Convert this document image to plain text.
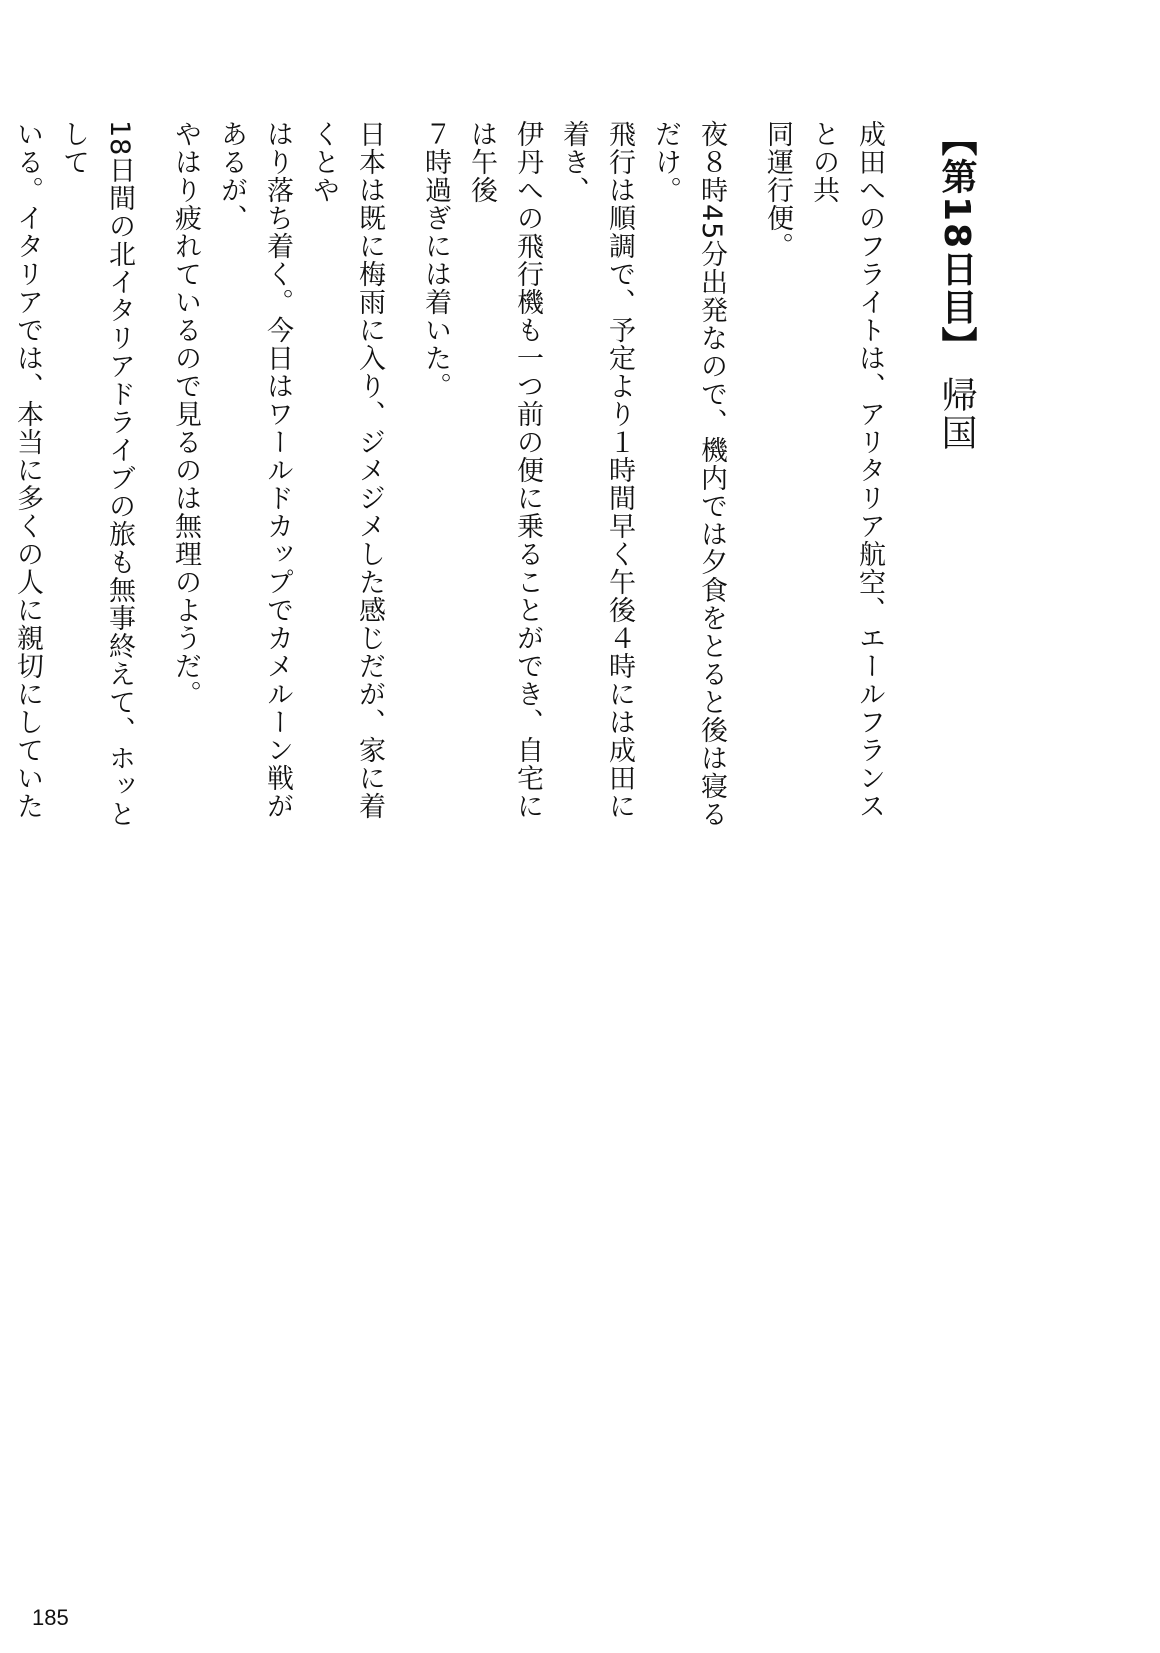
【第18日目】帰国

成田へのフライトは、アリタリア航空、エールフランスとの共
同運行便。

夜８時45分出発なので、機内では夕食をとると後は寝るだけ。
飛行は順調で、予定より１時間早く午後４時には成田に着き、
伊丹への飛行機も一つ前の便に乗ることができ、自宅には午後
７時過ぎには着いた。

日本は既に梅雨に入り、ジメジメした感じだが、家に着くとや
はり落ち着く。今日はワールドカップでカメルーン戦があるが、
やはり疲れているので見るのは無理のようだ。

18日間の北イタリアドライブの旅も無事終えて、ホッとして
いる。イタリアでは、本当に多くの人に親切にしていた

185
